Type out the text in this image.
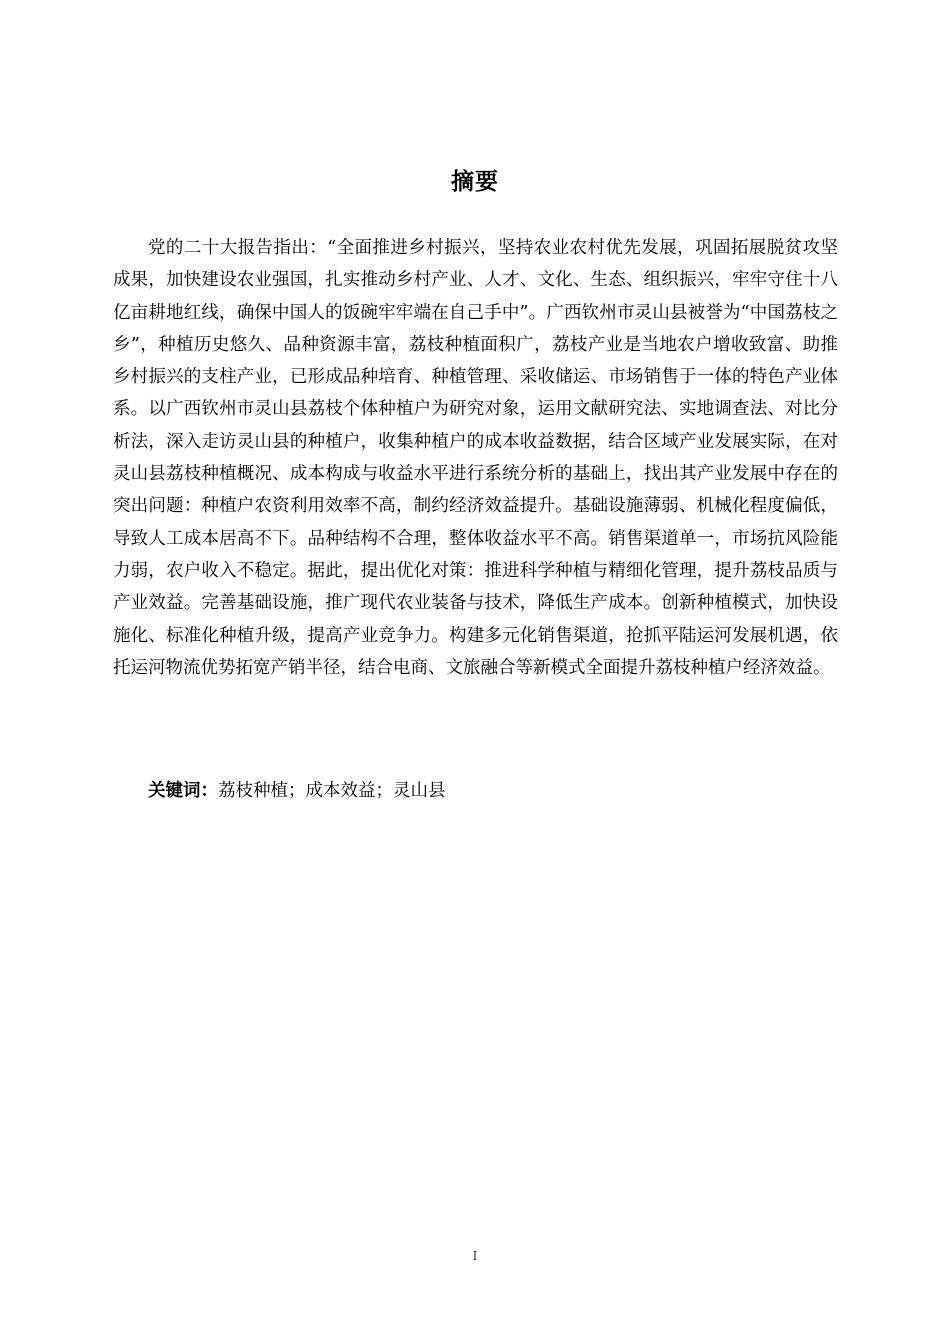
摘要

党的二十大报告指出：“全面推进乡村振兴，坚持农业农村优先发展，巩固拓展脱贫攻坚成果，加快建设农业强国，扎实推动乡村产业、人才、文化、生态、组织振兴，牢牢守住十八亿亩耕地红线，确保中国人的饭碗牢牢端在自己手中”。广西钦州市灵山县被誉为“中国荔枝之乡”，种植历史悠久、品种资源丰富，荔枝种植面积广，荔枝产业是当地农户增收致富、助推乡村振兴的支柱产业，已形成品种培育、种植管理、采收储运、市场销售于一体的特色产业体系。以广西钦州市灵山县荔枝个体种植户为研究对象，运用文献研究法、实地调查法、对比分析法，深入走访灵山县的种植户，收集种植户的成本收益数据，结合区域产业发展实际，在对灵山县荔枝种植概况、成本构成与收益水平进行系统分析的基础上，找出其产业发展中存在的突出问题：种植户农资利用效率不高，制约经济效益提升。基础设施薄弱、机械化程度偏低，导致人工成本居高不下。品种结构不合理，整体收益水平不高。销售渠道单一，市场抗风险能力弱，农户收入不稳定。据此，提出优化对策：推进科学种植与精细化管理，提升荔枝品质与产业效益。完善基础设施，推广现代农业装备与技术，降低生产成本。创新种植模式，加快设施化、标准化种植升级，提高产业竞争力。构建多元化销售渠道，抢抓平陆运河发展机遇，依托运河物流优势拓宽产销半径，结合电商、文旅融合等新模式全面提升荔枝种植户经济效益。

关键词：荔枝种植；成本效益；灵山县

I
